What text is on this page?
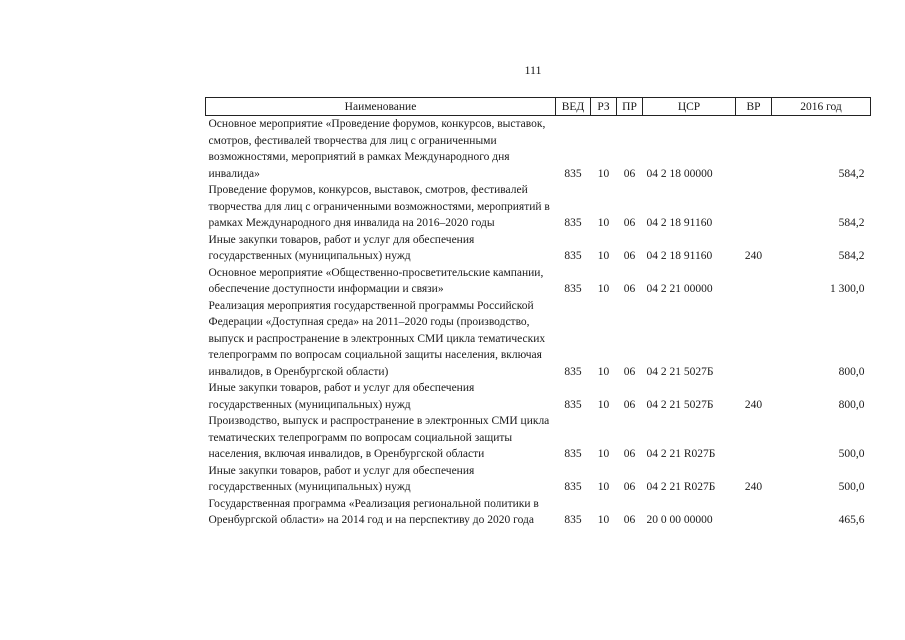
111
Наименование	ВЕД	РЗ	ПР	ЦСР	ВР	2016 год
Основное мероприятие «Проведение форумов, конкурсов, выставок, смотров, фестивалей творчества для лиц с ограниченными возможностями, мероприятий в рамках Международного дня инвалида»	835	10	06	04 2 18 00000		584,2
Проведение форумов, конкурсов, выставок, смотров, фестивалей творчества для лиц с ограниченными возможностями, мероприятий в рамках Международного дня инвалида на 2016–2020 годы	835	10	06	04 2 18 91160		584,2
Иные закупки товаров, работ и услуг для обеспечения государственных (муниципальных) нужд	835	10	06	04 2 18 91160	240	584,2
Основное мероприятие «Общественно-просветительские кампании, обеспечение доступности информации и связи»	835	10	06	04 2 21 00000		1 300,0
Реализация мероприятия государственной программы Российской Федерации «Доступная среда» на 2011–2020 годы (производство, выпуск и распространение в электронных СМИ цикла тематических телепрограмм по вопросам социальной защиты населения, включая инвалидов, в Оренбургской области)	835	10	06	04 2 21 5027Б		800,0
Иные закупки товаров, работ и услуг для обеспечения государственных (муниципальных) нужд	835	10	06	04 2 21 5027Б	240	800,0
Производство, выпуск и распространение в электронных СМИ цикла тематических телепрограмм по вопросам социальной защиты населения, включая инвалидов, в Оренбургской области	835	10	06	04 2 21 R027Б		500,0
Иные закупки товаров, работ и услуг для обеспечения государственных (муниципальных) нужд	835	10	06	04 2 21 R027Б	240	500,0
Государственная программа «Реализация региональной политики в Оренбургской области» на 2014 год и на перспективу до 2020 года	835	10	06	20 0 00 00000		465,6
